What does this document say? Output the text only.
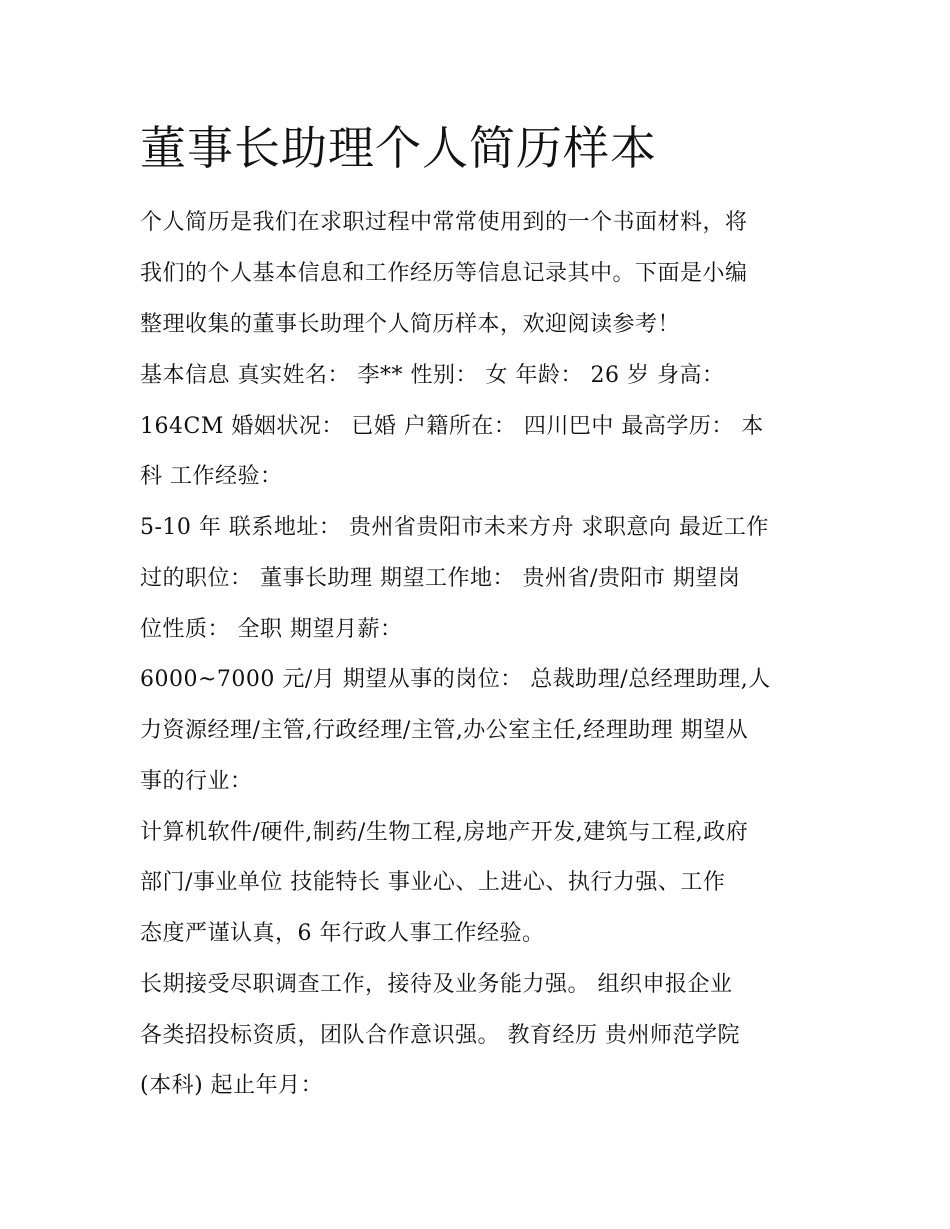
董事长助理个人简历样本
个人简历是我们在求职过程中常常使用到的一个书面材料，将
我们的个人基本信息和工作经历等信息记录其中。下面是小编
整理收集的董事长助理个人简历样本，欢迎阅读参考！
基本信息 真实姓名： 李** 性别： 女 年龄： 26 岁 身高：
164CM 婚姻状况： 已婚 户籍所在： 四川巴中 最高学历： 本
科 工作经验：
5-10 年 联系地址： 贵州省贵阳市未来方舟 求职意向 最近工作
过的职位： 董事长助理 期望工作地： 贵州省/贵阳市 期望岗
位性质： 全职 期望月薪：
6000~7000 元/月 期望从事的岗位： 总裁助理/总经理助理,人
力资源经理/主管,行政经理/主管,办公室主任,经理助理 期望从
事的行业：
计算机软件/硬件,制药/生物工程,房地产开发,建筑与工程,政府
部门/事业单位 技能特长 事业心、上进心、执行力强、工作
态度严谨认真，6 年行政人事工作经验。
长期接受尽职调查工作，接待及业务能力强。 组织申报企业
各类招投标资质，团队合作意识强。 教育经历 贵州师范学院
(本科) 起止年月：
